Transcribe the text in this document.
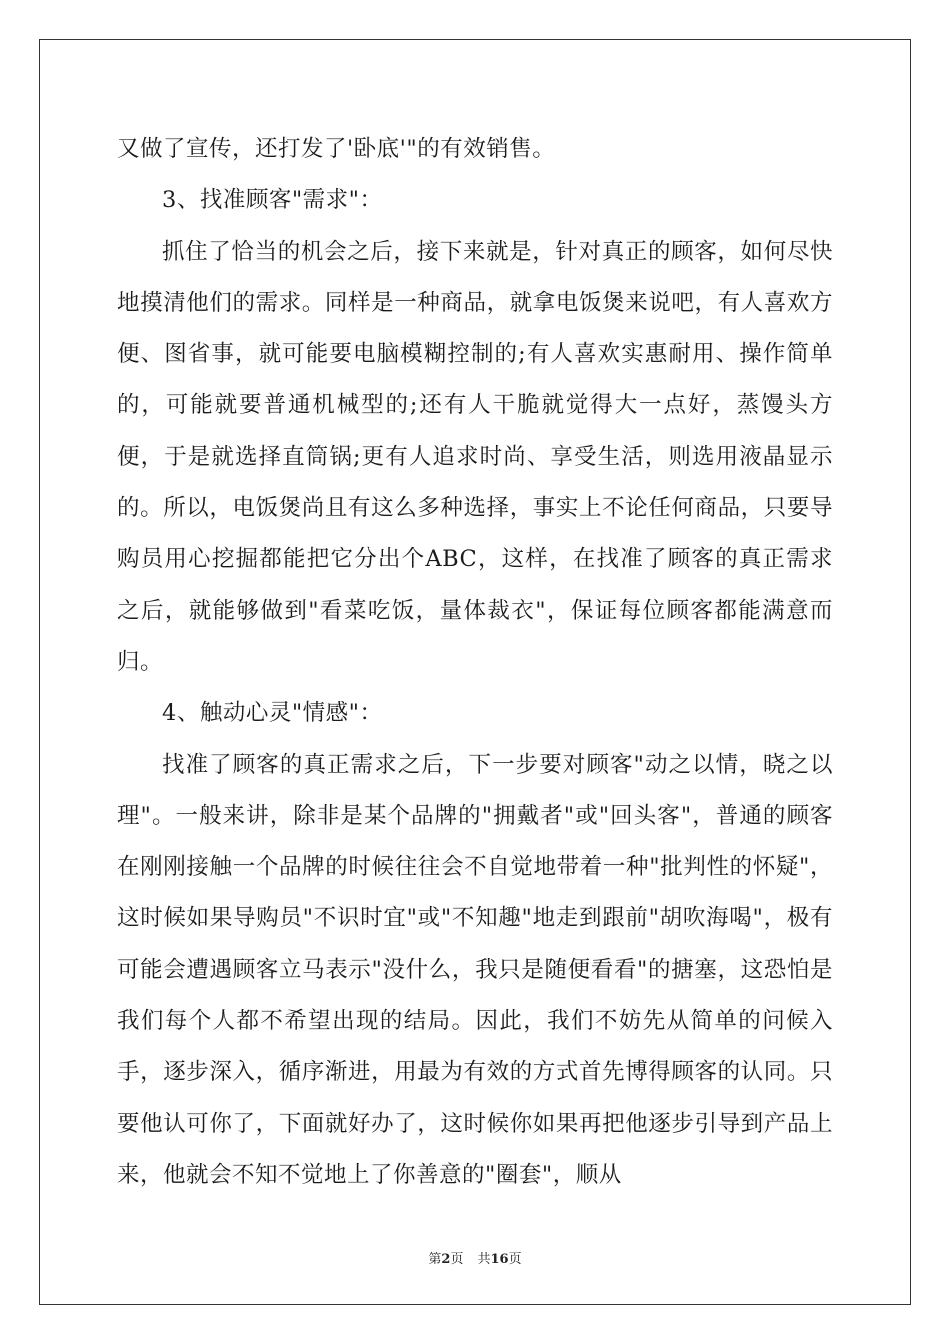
又做了宣传，还打发了'卧底'"的有效销售。

3、找准顾客"需求"：

抓住了恰当的机会之后，接下来就是，针对真正的顾客，如何尽快地摸清他们的需求。同样是一种商品，就拿电饭煲来说吧，有人喜欢方便、图省事，就可能要电脑模糊控制的;有人喜欢实惠耐用、操作简单的，可能就要普通机械型的;还有人干脆就觉得大一点好，蒸馒头方便，于是就选择直筒锅;更有人追求时尚、享受生活，则选用液晶显示的。所以，电饭煲尚且有这么多种选择，事实上不论任何商品，只要导购员用心挖掘都能把它分出个ABC，这样，在找准了顾客的真正需求之后，就能够做到"看菜吃饭，量体裁衣"，保证每位顾客都能满意而归。

4、触动心灵"情感"：

找准了顾客的真正需求之后，下一步要对顾客"动之以情，晓之以理"。一般来讲，除非是某个品牌的"拥戴者"或"回头客"，普通的顾客在刚刚接触一个品牌的时候往往会不自觉地带着一种"批判性的怀疑"，这时候如果导购员"不识时宜"或"不知趣"地走到跟前"胡吹海喝"，极有可能会遭遇顾客立马表示"没什么，我只是随便看看"的搪塞，这恐怕是我们每个人都不希望出现的结局。因此，我们不妨先从简单的问候入手，逐步深入，循序渐进，用最为有效的方式首先博得顾客的认同。只要他认可你了，下面就好办了，这时候你如果再把他逐步引导到产品上来，他就会不知不觉地上了你善意的"圈套"，顺从

第2页 共16页
